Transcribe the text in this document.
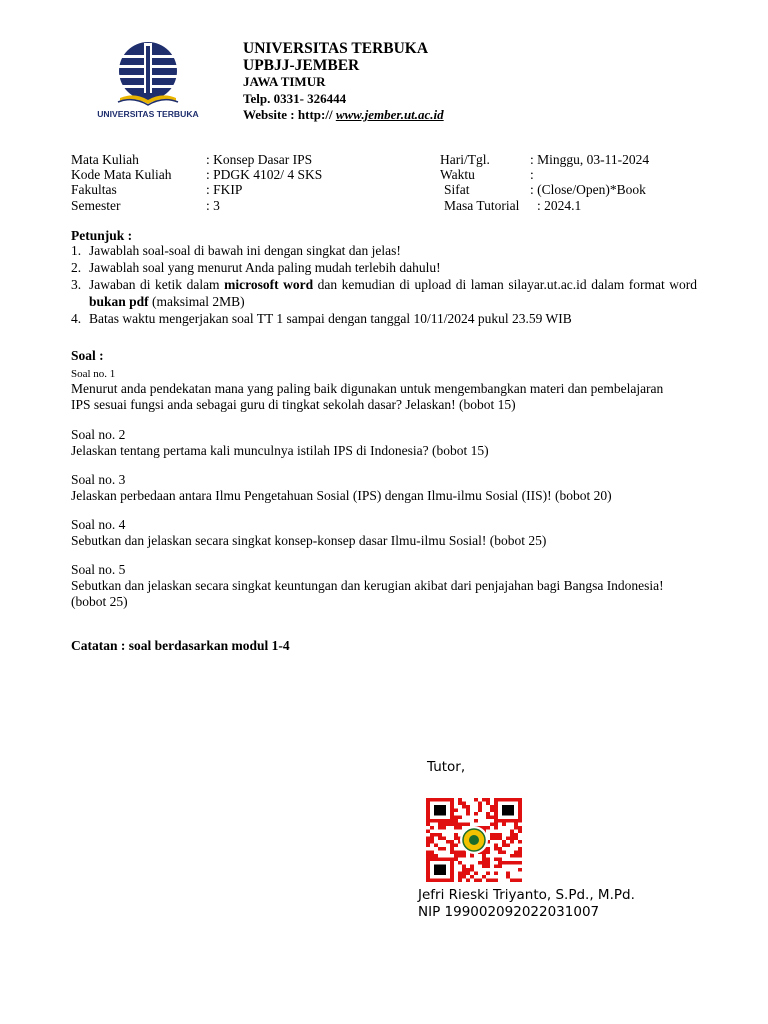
UNIVERSITAS TERBUKA
UNIVERSITAS TERBUKA
UPBJJ-JEMBER
JAWA TIMUR
Telp. 0331- 326444
Website : http:// www.jember.ut.ac.id
Mata Kuliah	: Konsep Dasar IPS
Kode Mata Kuliah	: PDGK 4102/ 4 SKS
Fakultas	: FKIP
Semester	: 3
Hari/Tgl.	: Minggu, 03-11-2024
Waktu	:
Sifat	: (Close/Open)*Book
Masa Tutorial : 2024.1
Petunjuk :
1. Jawablah soal-soal di bawah ini dengan singkat dan jelas!
2. Jawablah soal yang menurut Anda paling mudah terlebih dahulu!
3. Jawaban di ketik dalam microsoft word dan kemudian di upload di laman silayar.ut.ac.id dalam format word bukan pdf (maksimal 2MB)
4. Batas waktu mengerjakan soal TT 1 sampai dengan tanggal 10/11/2024 pukul 23.59 WIB
Soal :
Soal no. 1
Menurut anda pendekatan mana yang paling baik digunakan untuk mengembangkan materi dan pembelajaran IPS sesuai fungsi anda sebagai guru di tingkat sekolah dasar? Jelaskan! (bobot 15)
Soal no. 2
Jelaskan tentang pertama kali munculnya istilah IPS di Indonesia? (bobot 15)
Soal no. 3
Jelaskan perbedaan antara Ilmu Pengetahuan Sosial (IPS) dengan Ilmu-ilmu Sosial (IIS)! (bobot 20)
Soal no. 4
Sebutkan dan jelaskan secara singkat konsep-konsep dasar Ilmu-ilmu Sosial! (bobot 25)
Soal no. 5
Sebutkan dan jelaskan secara singkat keuntungan dan kerugian akibat dari penjajahan bagi Bangsa Indonesia! (bobot 25)
Catatan : soal berdasarkan modul 1-4
Tutor,
Jefri Rieski Triyanto, S.Pd., M.Pd.
NIP 199002092022031007
